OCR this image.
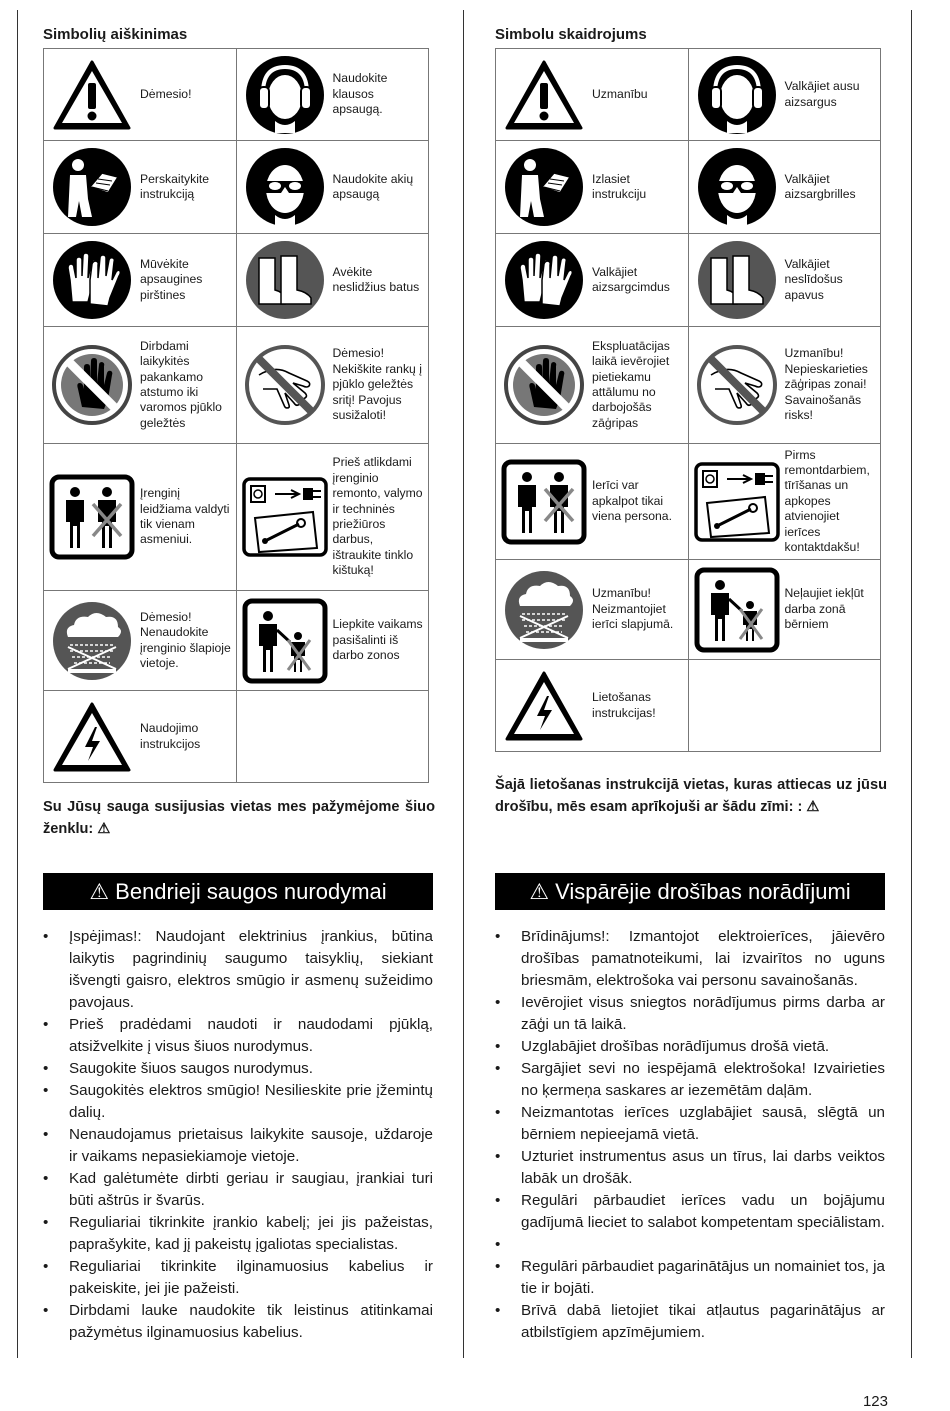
Simbolių aiškinimas
Dėmesio!	Naudokite klausos apsaugą.

Perskaitykite instrukciją	Naudokite akių apsaugą

Mūvėkite apsaugines pirštines	Avėkite neslidžius batus

Dirbdami laikykitės pakankamo atstumo iki varomos pjūklo geležtės	Dėmesio! Nekiškite rankų į pjūklo geležtės sritį! Pavojus susižaloti!

Įrenginį leidžiama valdyti tik vienam asmeniui.	Prieš atlikdami įrenginio remonto, valymo ir techninės priežiūros darbus, ištraukite tinklo kištuką!

Dėmesio! Nenaudokite įrenginio šlapioje vietoje.	Liepkite vaikams pasišalinti iš darbo zonos

Naudojimo instrukcijos	

Su Jūsų sauga susijusias vietas mes pažymėjome šiuo ženklu: ⚠
⚠ Bendrieji saugos nurodymai
• Įspėjimas!: Naudojant elektrinius įrankius, būtina laikytis pagrindinių saugumo taisyklių, siekiant išvengti gaisro, elektros smūgio ir asmenų sužeidimo pavojaus.
• Prieš pradėdami naudoti ir naudodami pjūklą, atsižvelkite į visus šiuos nurodymus.
• Saugokite šiuos saugos nurodymus.
• Saugokitės elektros smūgio! Nesilieskite prie įžemintų dalių.
• Nenaudojamus prietaisus laikykite sausoje, uždaroje ir vaikams nepasiekiamoje vietoje.
• Kad galėtumėte dirbti geriau ir saugiau, įrankiai turi būti aštrūs ir švarūs.
• Reguliariai tikrinkite įrankio kabelį; jei jis pažeistas, paprašykite, kad jį pakeistų įgaliotas specialistas.
• Reguliariai tikrinkite ilginamuosius kabelius ir pakeiskite, jei jie pažeisti.
• Dirbdami lauke naudokite tik leistinus atitinkamai pažymėtus ilginamuosius kabelius.
Simbolu skaidrojums
Uzmanību	Valkājiet ausu aizsargus

Izlasiet instrukciju	Valkājiet aizsargbrilles

Valkājiet aizsargcimdus	Valkājiet neslīdošus apavus

Ekspluatācijas laikā ievērojiet pietiekamu attālumu no darbojošās zāģripas	Uzmanību! Nepieskarieties zāģripas zonai! Savainošanās risks!

Ierīci var apkalpot tikai viena persona.	Pirms remontdarbiem, tīrīšanas un apkopes atvienojiet ierīces kontaktdakšu!

Uzmanību! Neizmantojiet ierīci slapjumā.	Neļaujiet iekļūt darba zonā bērniem

Lietošanas instrukcijas!	

Šajā lietošanas instrukcijā vietas, kuras attiecas uz jūsu drošību, mēs esam aprīkojuši ar šādu zīmi: : ⚠
⚠ Vispārējie drošības norādījumi
• Brīdinājums!: Izmantojot elektroierīces, jāievēro drošības pamatnoteikumi, lai izvairītos no uguns briesmām, elektrošoka vai personu savainošanās.
• Ievērojiet visus sniegtos norādījumus pirms darba ar zāģi un tā laikā.
• Uzglabājiet drošības norādījumus drošā vietā.
• Sargājiet sevi no iespējamā elektrošoka! Izvairieties no ķermeņa saskares ar iezemētām daļām.
• Neizmantotas ierīces uzglabājiet sausā, slēgtā un bērniem nepieejamā vietā.
• Uzturiet instrumentus asus un tīrus, lai darbs veiktos labāk un drošāk.
• Regulāri pārbaudiet ierīces vadu un bojājumu gadījumā lieciet to salabot kompetentam speciālistam.
•
• Regulāri pārbaudiet pagarinātājus un nomainiet tos, ja tie ir bojāti.
• Brīvā dabā lietojiet tikai atļautus pagarinātājus ar atbilstīgiem apzīmējumiem.
123
